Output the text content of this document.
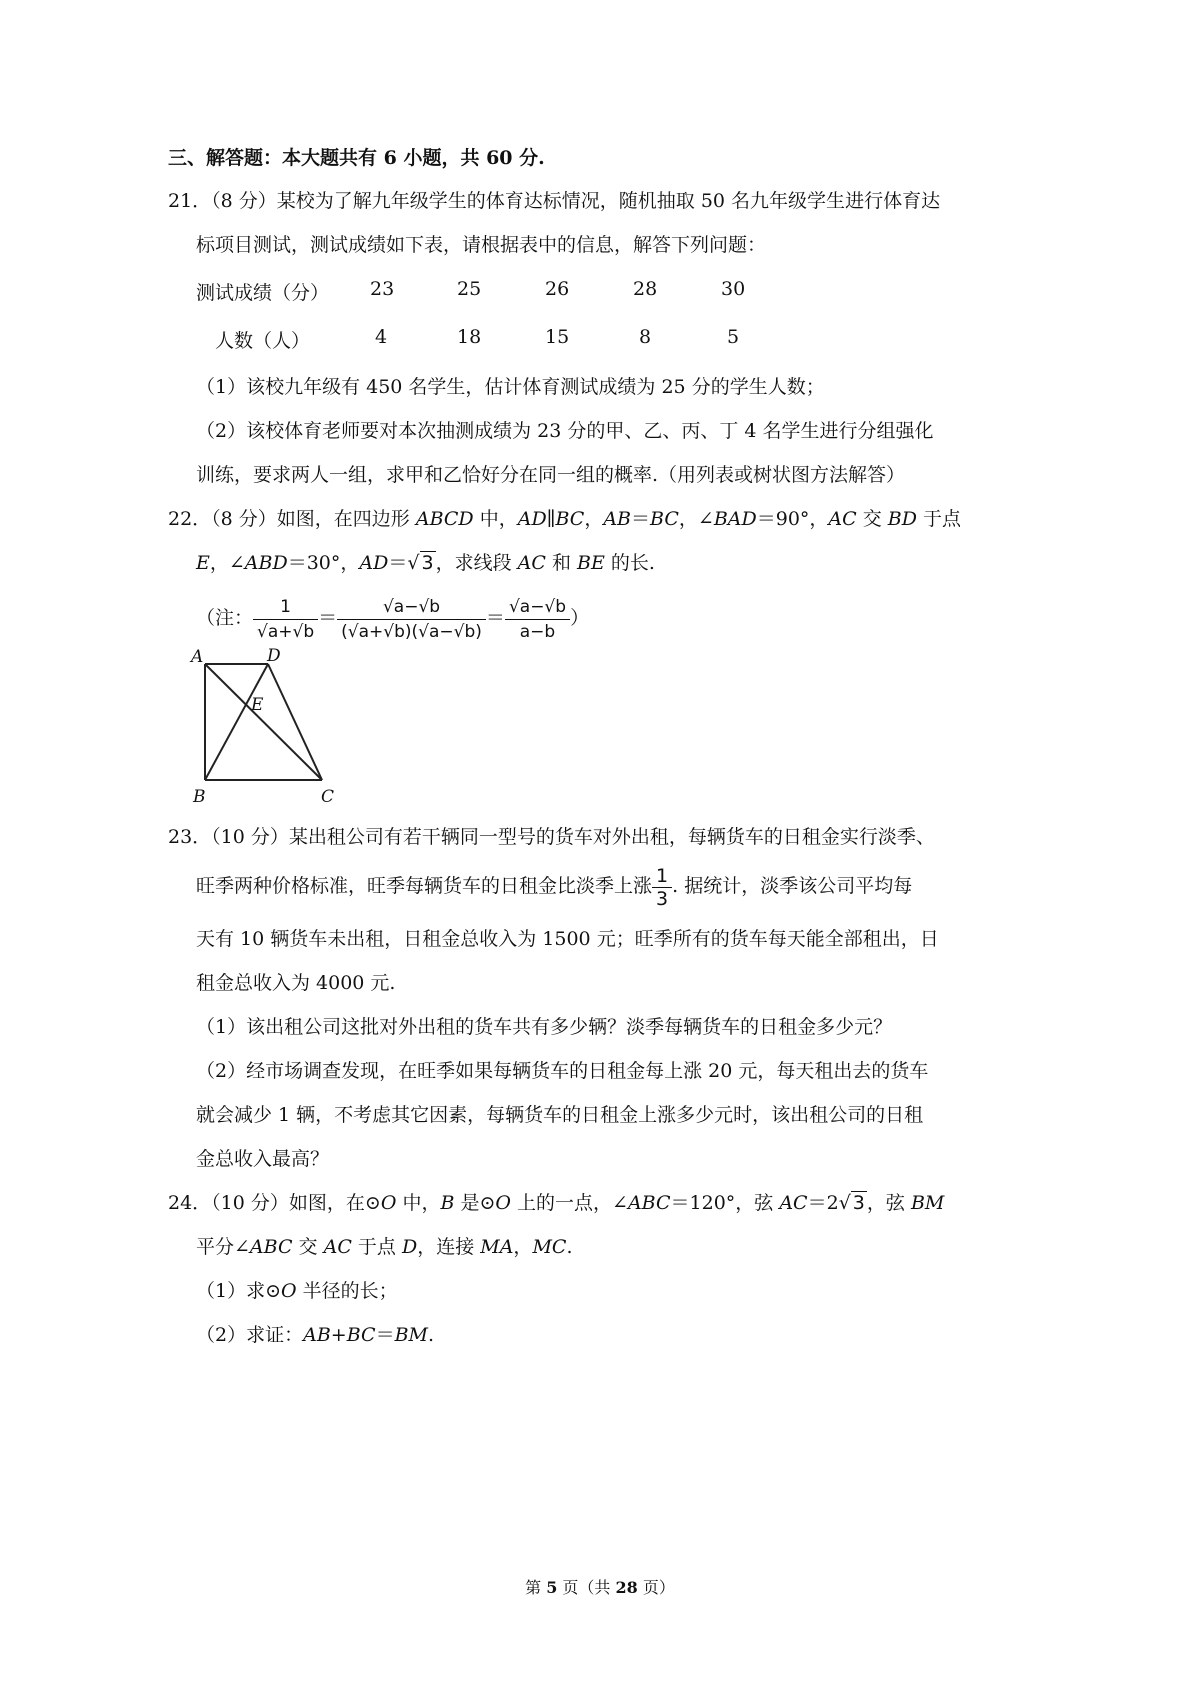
三、解答题：本大题共有 6 小题，共 60 分.
21．（8 分）某校为了解九年级学生的体育达标情况，随机抽取 50 名九年级学生进行体育达
标项目测试，测试成绩如下表，请根据表中的信息，解答下列问题：
测试成绩（分） 23	25	26	28	30
人数（人）	4	18	15	8	5
（1）该校九年级有 450 名学生，估计体育测试成绩为 25 分的学生人数；
（2）该校体育老师要对本次抽测成绩为 23 分的甲、乙、丙、丁 4 名学生进行分组强化
训练，要求两人一组，求甲和乙恰好分在同一组的概率.（用列表或树状图方法解答）
22．（8 分）如图，在四边形 ABCD 中，AD∥BC，AB＝BC，∠BAD＝90°，AC 交 BD 于点
E，∠ABD＝30°，AD＝√ 3 ，求线段 AC 和 BE 的长.
（注： $\frac{1}{√a+√b} = \frac{√a-√b}{(√a+√b)(√a-√b)} = \frac{√a-√b}{a-b}$ ）
A	D
E
B	C
23．（10 分）某出租公司有若干辆同一型号的货车对外出租，每辆货车的日租金实行淡季、
旺季两种价格标准，旺季每辆货车的日租金比淡季上涨 $\frac{1}{3}$ . 据统计，淡季该公司平均每
天有 10 辆货车未出租，日租金总收入为 1500 元；旺季所有的货车每天能全部租出，日
租金总收入为 4000 元.
（1）该出租公司这批对外出租的货车共有多少辆？淡季每辆货车的日租金多少元？
（2）经市场调查发现，在旺季如果每辆货车的日租金每上涨 20 元，每天租出去的货车
就会减少 1 辆，不考虑其它因素，每辆货车的日租金上涨多少元时，该出租公司的日租
金总收入最高？
24．（10 分）如图，在⊙O 中，B 是⊙O 上的一点，∠ABC＝120°，弦 AC＝2√ 3 ，弦 BM
平分∠ABC 交 AC 于点 D，连接 MA，MC.
（1）求⊙O 半径的长；
（2）求证：AB+BC＝BM.
第 5 页（共 28 页）
